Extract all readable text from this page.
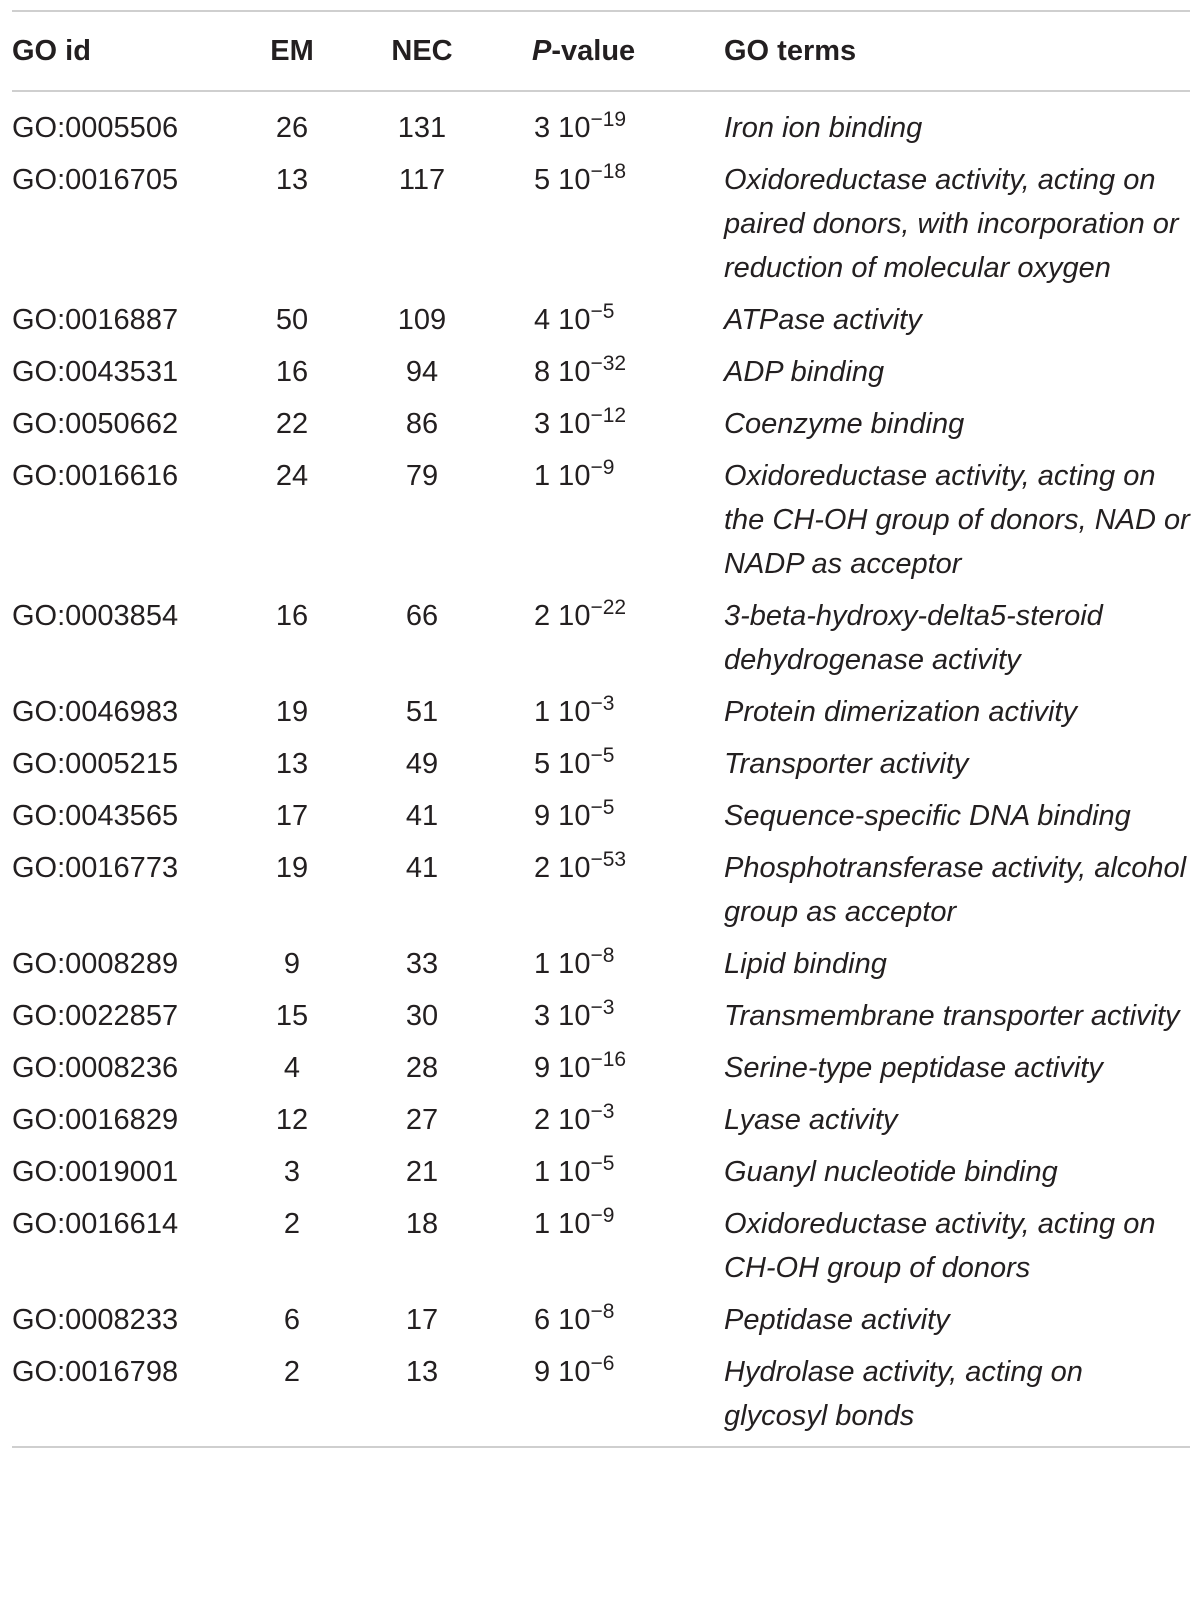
GO id	EM	NEC	P-value	GO terms
GO:0005506	26	131	3 $10^{-19}$	Iron ion binding
GO:0016705	13	117	5 $10^{-18}$	Oxidoreductase activity, acting on paired donors, with incorporation or reduction of molecular oxygen
GO:0016887	50	109	4 $10^{-5}$	ATPase activity
GO:0043531	16	94	8 $10^{-32}$	ADP binding
GO:0050662	22	86	3 $10^{-12}$	Coenzyme binding
GO:0016616	24	79	1 $10^{-9}$	Oxidoreductase activity, acting on the CH-OH group of donors, NAD or NADP as acceptor
GO:0003854	16	66	2 $10^{-22}$	3-beta-hydroxy-delta5-steroid dehydrogenase activity
GO:0046983	19	51	1 $10^{-3}$	Protein dimerization activity
GO:0005215	13	49	5 $10^{-5}$	Transporter activity
GO:0043565	17	41	9 $10^{-5}$	Sequence-specific DNA binding
GO:0016773	19	41	2 $10^{-53}$	Phosphotransferase activity, alcohol group as acceptor
GO:0008289	9	33	1 $10^{-8}$	Lipid binding
GO:0022857	15	30	3 $10^{-3}$	Transmembrane transporter activity
GO:0008236	4	28	9 $10^{-16}$	Serine-type peptidase activity
GO:0016829	12	27	2 $10^{-3}$	Lyase activity
GO:0019001	3	21	1 $10^{-5}$	Guanyl nucleotide binding
GO:0016614	2	18	1 $10^{-9}$	Oxidoreductase activity, acting on CH-OH group of donors
GO:0008233	6	17	6 $10^{-8}$	Peptidase activity
GO:0016798	2	13	9 $10^{-6}$	Hydrolase activity, acting on glycosyl bonds
